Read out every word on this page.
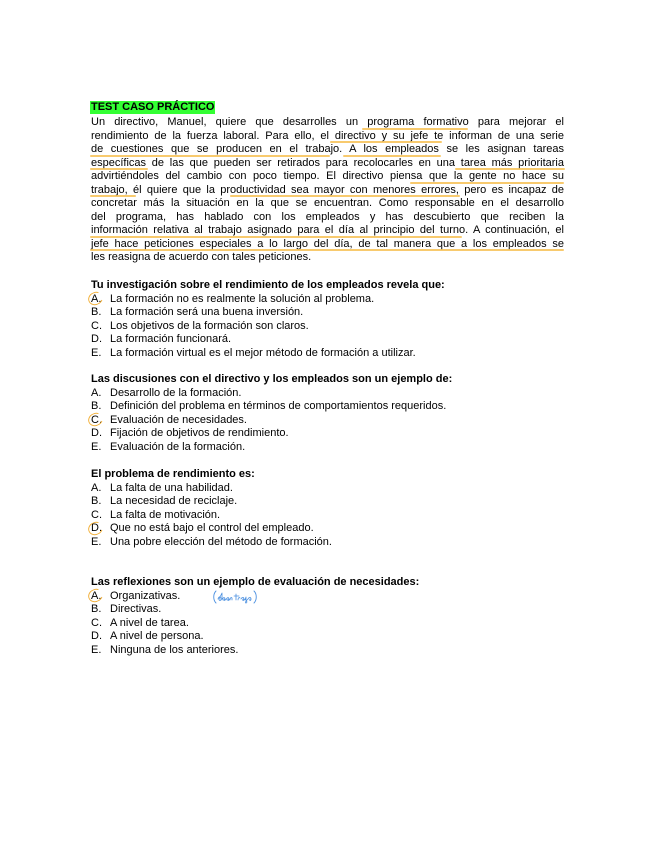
TEST CASO PRÁCTICO
Un directivo, Manuel, quiere que desarrolles un programa formativo para mejorar el
rendimiento de la fuerza laboral. Para ello, el directivo y su jefe te informan de una serie
de cuestiones que se producen en el trabajo. A los empleados se les asignan tareas
específicas de las que pueden ser retirados para recolocarles en una tarea más prioritaria
advirtiéndoles del cambio con poco tiempo. El directivo piensa que la gente no hace su
trabajo, él quiere que la productividad sea mayor con menores errores, pero es incapaz de
concretar más la situación en la que se encuentran. Como responsable en el desarrollo
del programa, has hablado con los empleados y has descubierto que reciben la
información relativa al trabajo asignado para el día al principio del turno. A continuación, el
jefe hace peticiones especiales a lo largo del día, de tal manera que a los empleados se
les reasigna de acuerdo con tales peticiones.
Tu investigación sobre el rendimiento de los empleados revela que:
A. La formación no es realmente la solución al problema.
B. La formación será una buena inversión.
C. Los objetivos de la formación son claros.
D. La formación funcionará.
E. La formación virtual es el mejor método de formación a utilizar.
Las discusiones con el directivo y los empleados son un ejemplo de:
A. Desarrollo de la formación.
B. Definición del problema en términos de comportamientos requeridos.
C. Evaluación de necesidades.
D. Fijación de objetivos de rendimiento.
E. Evaluación de la formación.
El problema de rendimiento es:
A. La falta de una habilidad.
B. La necesidad de reciclaje.
C. La falta de motivación.
D. Que no está bajo el control del empleado.
E. Una pobre elección del método de formación.
Las reflexiones son un ejemplo de evaluación de necesidades:
A. Organizativas.
B. Directivas.
C. A nivel de tarea.
D. A nivel de persona.
E. Ninguna de los anteriores.
